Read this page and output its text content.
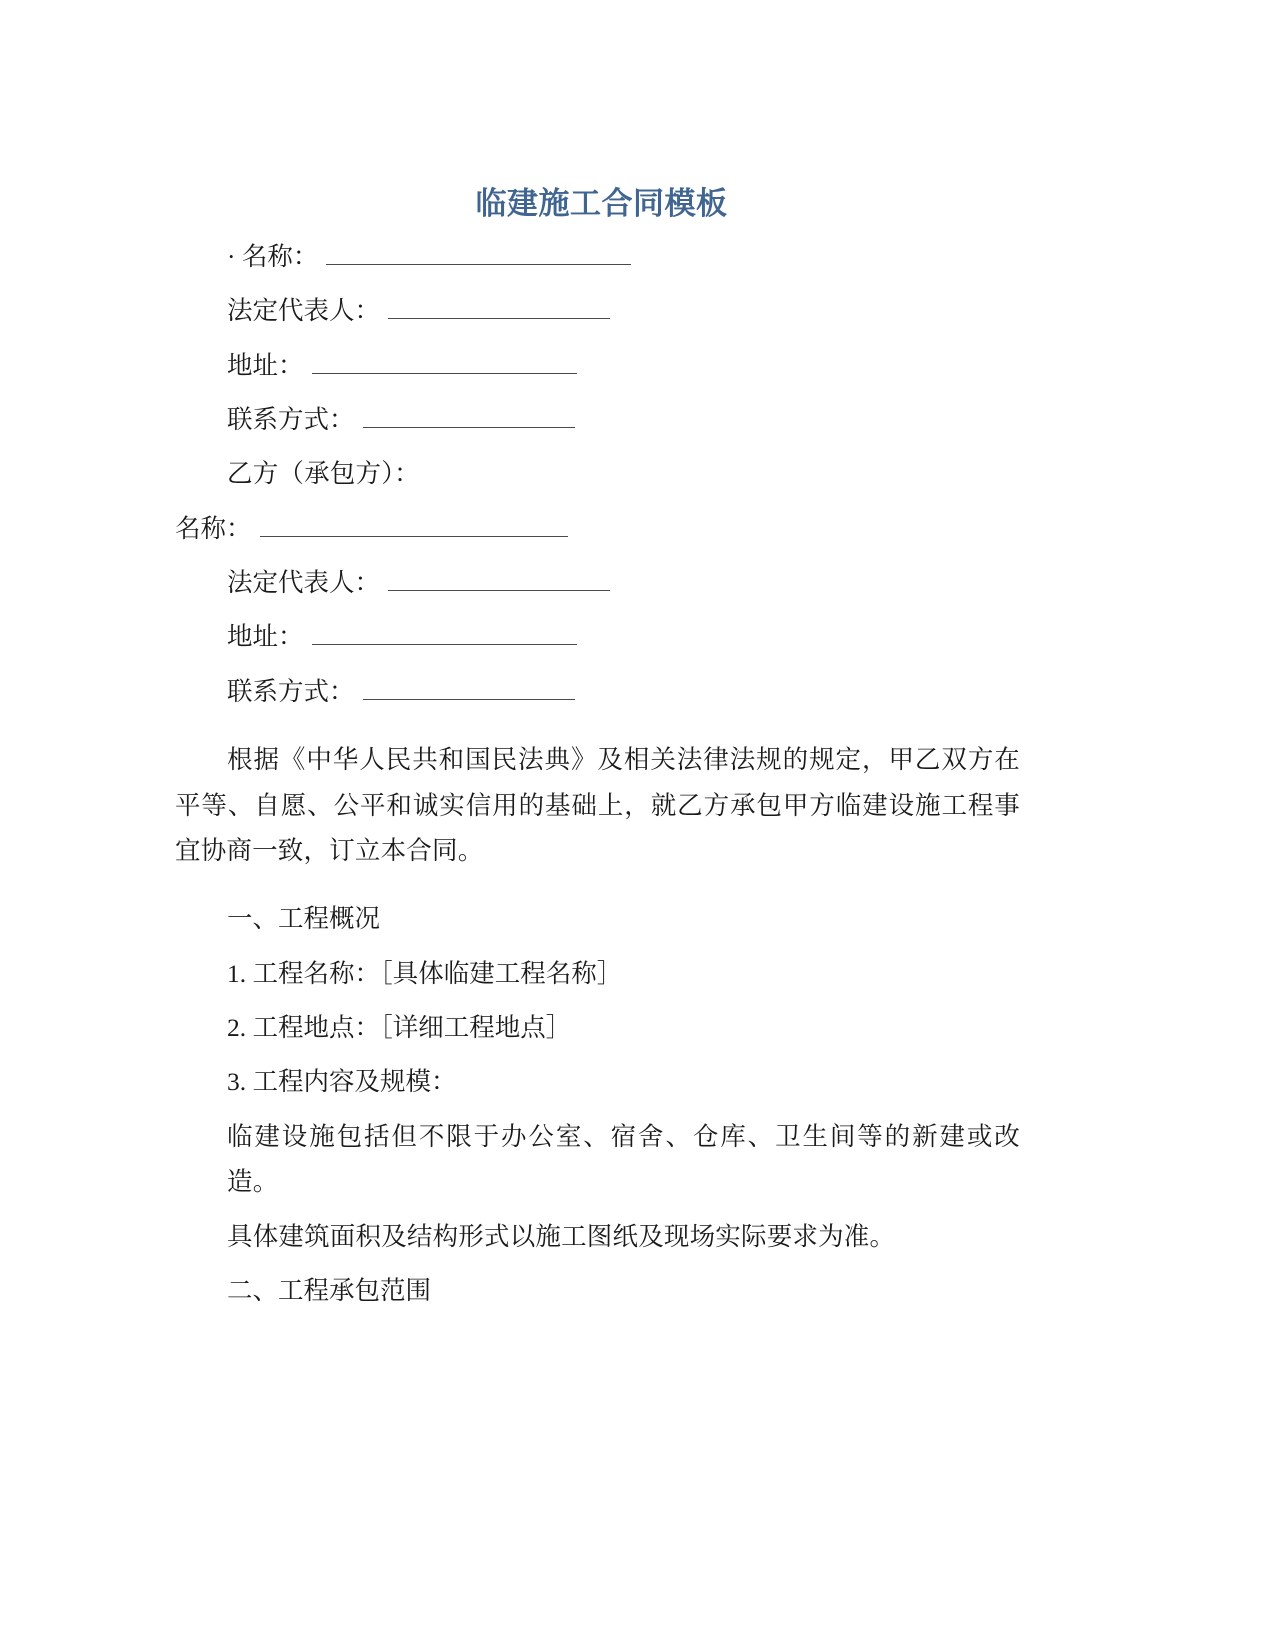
临建施工合同模板
· 名称：
法定代表人：
地址：
联系方式：

乙方（承包方）：

名称：
法定代表人：
地址：
联系方式：

根据《中华人民共和国民法典》及相关法律法规的规定，甲乙双方在平等、自愿、公平和诚实信用的基础上，就乙方承包甲方临建设施工程事宜协商一致，订立本合同。

一、工程概况

1. 工程名称：［具体临建工程名称］

2. 工程地点：［详细工程地点］

3. 工程内容及规模：

临建设施包括但不限于办公室、宿舍、仓库、卫生间等的新建或改造。

具体建筑面积及结构形式以施工图纸及现场实际要求为准。

二、工程承包范围
